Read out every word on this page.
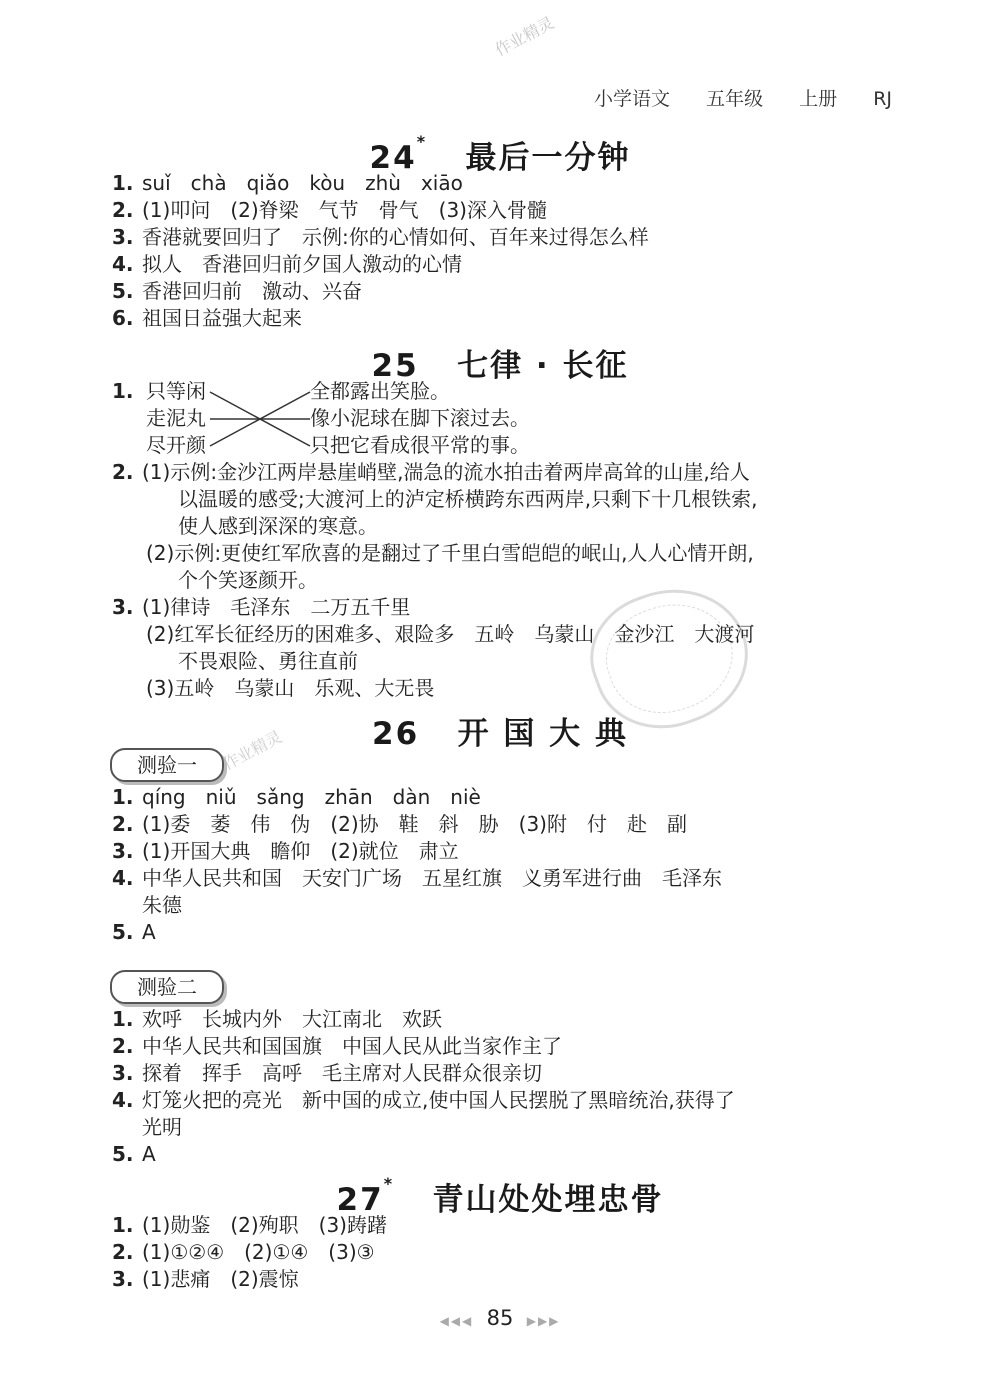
作业精灵
作业精灵
小学语文 五年级 上册 RJ
24* 最后一分钟
1. suǐ　chà　qiǎo　kòu　zhù　xiāo
2. (1)叩问　(2)脊梁　气节　骨气　(3)深入骨髓
3. 香港就要回归了　示例:你的心情如何、百年来过得怎么样
4. 拟人　香港回归前夕国人激动的心情
5. 香港回归前　激动、兴奋
6. 祖国日益强大起来
25 七律 · 长征
1. 只等闲
走泥丸
尽开颜
全都露出笑脸。
像小泥球在脚下滚过去。
只把它看成很平常的事。
2. (1)示例:金沙江两岸悬崖峭壁,湍急的流水拍击着两岸高耸的山崖,给人
以温暖的感受;大渡河上的泸定桥横跨东西两岸,只剩下十几根铁索,
使人感到深深的寒意。
(2)示例:更使红军欣喜的是翻过了千里白雪皑皑的岷山,人人心情开朗,
个个笑逐颜开。
3. (1)律诗　毛泽东　二万五千里
(2)红军长征经历的困难多、艰险多　五岭　乌蒙山　金沙江　大渡河
不畏艰险、勇往直前
(3)五岭　乌蒙山　乐观、大无畏
26 开 国 大 典
测验一
1. qíng　niǔ　sǎng　zhān　dàn　niè
2. (1)委　萎　伟　伪　(2)协　鞋　斜　胁　(3)附　付　赴　副
3. (1)开国大典　瞻仰　(2)就位　肃立
4. 中华人民共和国　天安门广场　五星红旗　义勇军进行曲　毛泽东
朱德
5. A
测验二
1. 欢呼　长城内外　大江南北　欢跃
2. 中华人民共和国国旗　中国人民从此当家作主了
3. 探着　挥手　高呼　毛主席对人民群众很亲切
4. 灯笼火把的亮光　新中国的成立,使中国人民摆脱了黑暗统治,获得了
光明
5. A
27* 青山处处埋忠骨
1. (1)勋鉴　(2)殉职　(3)踌躇
2. (1)①②④　(2)①④　(3)③
3. (1)悲痛　(2)震惊
◀◀◀ 85 ▶▶▶
